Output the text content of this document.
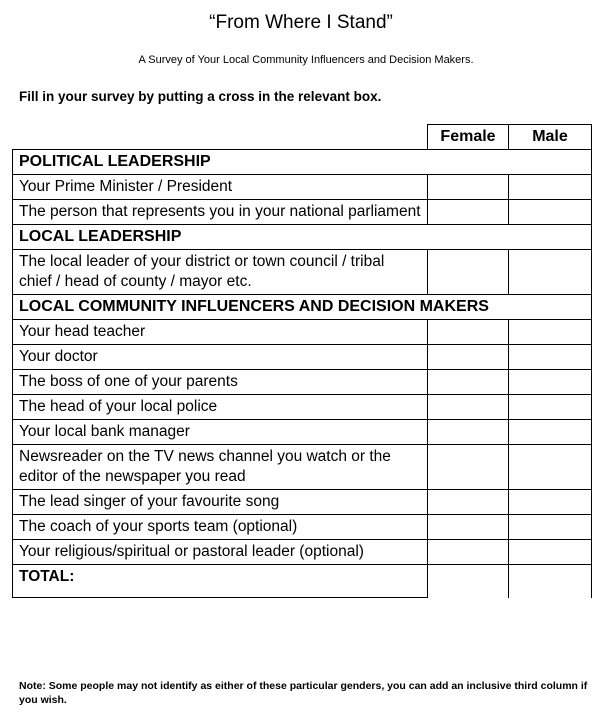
“From Where I Stand”
A Survey of Your Local Community Influencers and Decision Makers.
Fill in your survey by putting a cross in the relevant box.
	Female	Male
POLITICAL LEADERSHIP		
Your Prime Minister / President		
The person that represents you in your national parliament		
LOCAL LEADERSHIP		
The local leader of your district or town council / tribal chief / head of county / mayor etc.		
LOCAL COMMUNITY INFLUENCERS AND DECISION MAKERS		
Your head teacher		
Your doctor		
The boss of one of your parents		
The head of your local police		
Your local bank manager		
Newsreader on the TV news channel you watch or the editor of the newspaper you read		
The lead singer of your favourite song		
The coach of your sports team (optional)		
Your religious/spiritual or pastoral leader (optional)		
TOTAL:		
Note: Some people may not identify as either of these particular genders, you can add an inclusive third column if you wish.
